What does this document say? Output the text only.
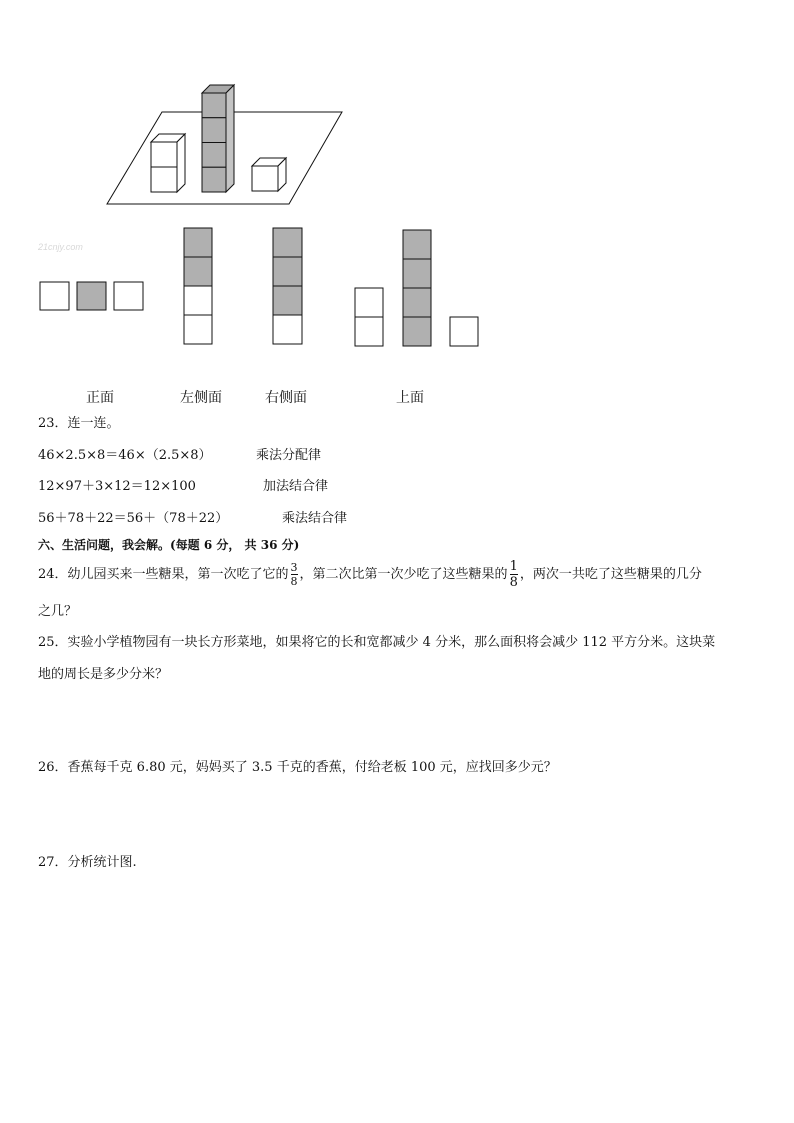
21cnjy.com
正面	左侧面	右侧面	上面
23．连一连。
46×2.5×8＝46×（2.5×8）	乘法分配律
12×97＋3×12＝12×100	加法结合律
56＋78＋22＝56＋（78＋22）	乘法结合律
六、生活问题，我会解。(每题 6 分， 共 36 分)
24．幼儿园买来一些糖果，第一次吃了它的 $\frac{3}{8}$ ，第二次比第一次少吃了这些糖果的 $\frac{1}{8}$ ，两次一共吃了这些糖果的几分
之几？
25．实验小学植物园有一块长方形菜地，如果将它的长和宽都减少 4 分米，那么面积将会减少 112 平方分米。这块菜
地的周长是多少分米？
26．香蕉每千克 6.80 元，妈妈买了 3.5 千克的香蕉，付给老板 100 元，应找回多少元？
27．分析统计图.
